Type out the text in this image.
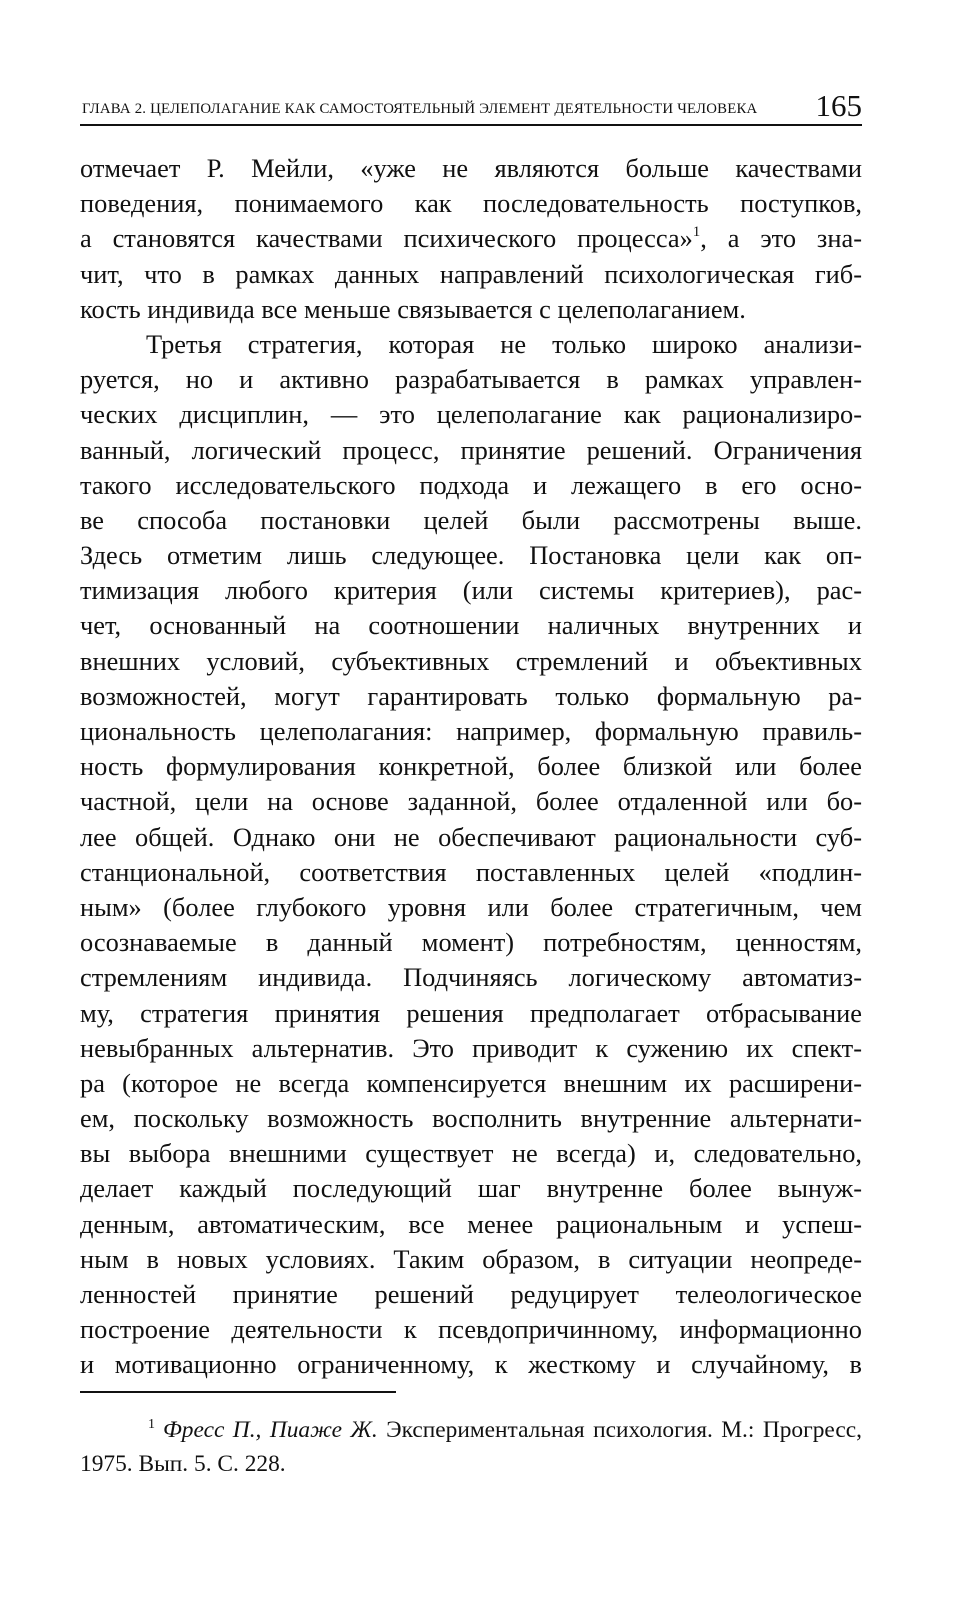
ГЛАВА 2. ЦЕЛЕПОЛАГАНИЕ КАК САМОСТОЯТЕЛЬНЫЙ ЭЛЕМЕНТ ДЕЯТЕЛЬНОСТИ ЧЕЛОВЕКА 165
отмечает Р. Мейли, «уже не являются больше качествами
поведения, понимаемого как последовательность поступков,
а становятся качествами психического процесса»$^1$, а это зна-
чит, что в рамках данных направлений психологическая гиб-
кость индивида все меньше связывается с целеполаганием.
Третья стратегия, которая не только широко анализи-
руется, но и активно разрабатывается в рамках управлен-
ческих дисциплин, — это целеполагание как рационализиро-
ванный, логический процесс, принятие решений. Ограничения
такого исследовательского подхода и лежащего в его осно-
ве способа постановки целей были рассмотрены выше.
Здесь отметим лишь следующее. Постановка цели как оп-
тимизация любого критерия (или системы критериев), рас-
чет, основанный на соотношении наличных внутренних и
внешних условий, субъективных стремлений и объективных
возможностей, могут гарантировать только формальную ра-
циональность целеполагания: например, формальную правиль-
ность формулирования конкретной, более близкой или более
частной, цели на основе заданной, более отдаленной или бо-
лее общей. Однако они не обеспечивают рациональности суб-
станциональной, соответствия поставленных целей «подлин-
ным» (более глубокого уровня или более стратегичным, чем
осознаваемые в данный момент) потребностям, ценностям,
стремлениям индивида. Подчиняясь логическому автоматиз-
му, стратегия принятия решения предполагает отбрасывание
невыбранных альтернатив. Это приводит к сужению их спект-
ра (которое не всегда компенсируется внешним их расширени-
ем, поскольку возможность восполнить внутренние альтернати-
вы выбора внешними существует не всегда) и, следовательно,
делает каждый последующий шаг внутренне более вынуж-
денным, автоматическим, все менее рациональным и успеш-
ным в новых условиях. Таким образом, в ситуации неопреде-
ленностей принятие решений редуцирует телеологическое
построение деятельности к псевдопричинному, информационно
и мотивационно ограниченному, к жесткому и случайному, в
$^1$ Фресс П., Пиаже Ж. Экспериментальная психология. М.: Прогресс,
1975. Вып. 5. С. 228.
